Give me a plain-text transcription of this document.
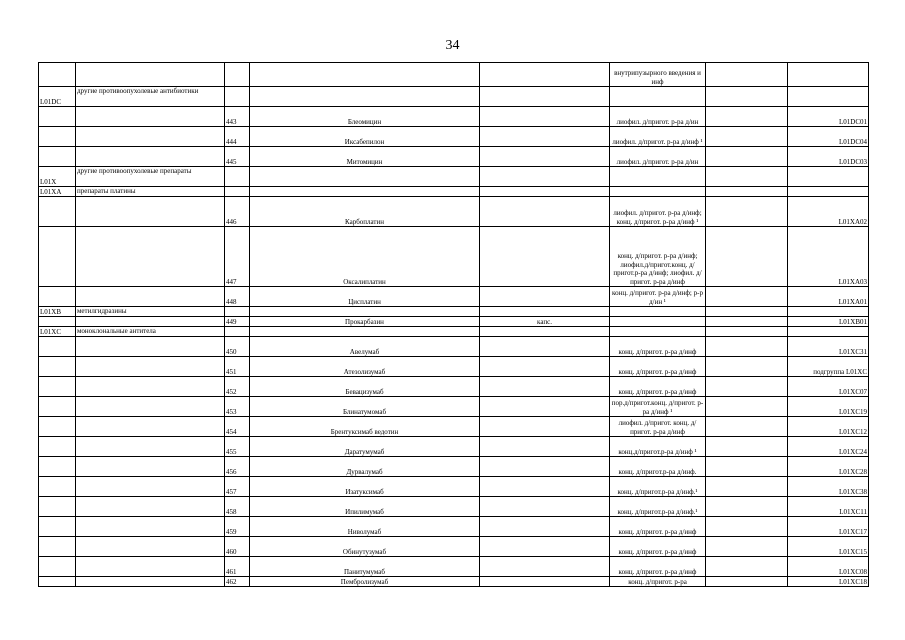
34
					внутрипузырного введения и инф		
L01DC	другие противоопухолевые антибиотики						
		443	Блеомицин		лиофил. д/пригот. р-ра д/ин		L01DC01
		444	Иксабепилон		лиофил. д/пригот. р-ра д/инф ¹		L01DC04
		445	Митомицин		лиофил. д/пригот. р-ра д/ин		L01DC03
L01X	другие противоопухолевые препараты						
L01XA	препараты платины						
		446	Карбоплатин		лиофил. д/пригот. р-ра д/инф; конц. д/пригот. р-ра д/инф ¹		L01XA02
		447	Оксалиплатин		конц. д/пригот. р-ра д/инф; лиофил.д/пригот.конц. д/пригот.р-ра д/инф; лиофил. д/пригот. р-ра д/инф		L01XA03
		448	Цисплатин		конц. д/пригот. р-ра д/инф; р-р д/ин ¹		L01XA01
L01XB	метилгидразины						
		449	Прокарбазин	капс.			L01XB01
L01XC	моноклональные антитела						
		450	Авелумаб		конц. д/пригот. р-ра д/инф		L01XC31
		451	Атезолизумаб		конц. д/пригот. р-ра д/инф		подгруппа L01XC
		452	Бевацизумаб		конц. д/пригот. р-ра д/инф		L01XC07
		453	Блинатумомаб		пор.д/пригот.конц. д/пригот. р-ра д/инф ¹		L01XC19
		454	Брентуксимаб ведотин		лиофил. д/пригот. конц. д/пригот. р-ра д/инф		L01XC12
		455	Даратумумаб		конц.д/пригот.р-ра д/инф ¹		L01XC24
		456	Дурвалумаб		конц. д/пригот.р-ра д/инф.		L01XC28
		457	Изатуксимаб		конц. д/пригот.р-ра д/инф.¹		L01XC38
		458	Ипилимумаб		конц. д/пригот.р-ра д/инф.¹		L01XC11
		459	Ниволумаб		конц. д/пригот. р-ра д/инф		L01XC17
		460	Обинутузумаб		конц. д/пригот. р-ра д/инф		L01XC15
		461	Панитумумаб		конц. д/пригот. р-ра д/инф		L01XC08
		462	Пембролизумаб		конц. д/пригот. р-ра		L01XC18
